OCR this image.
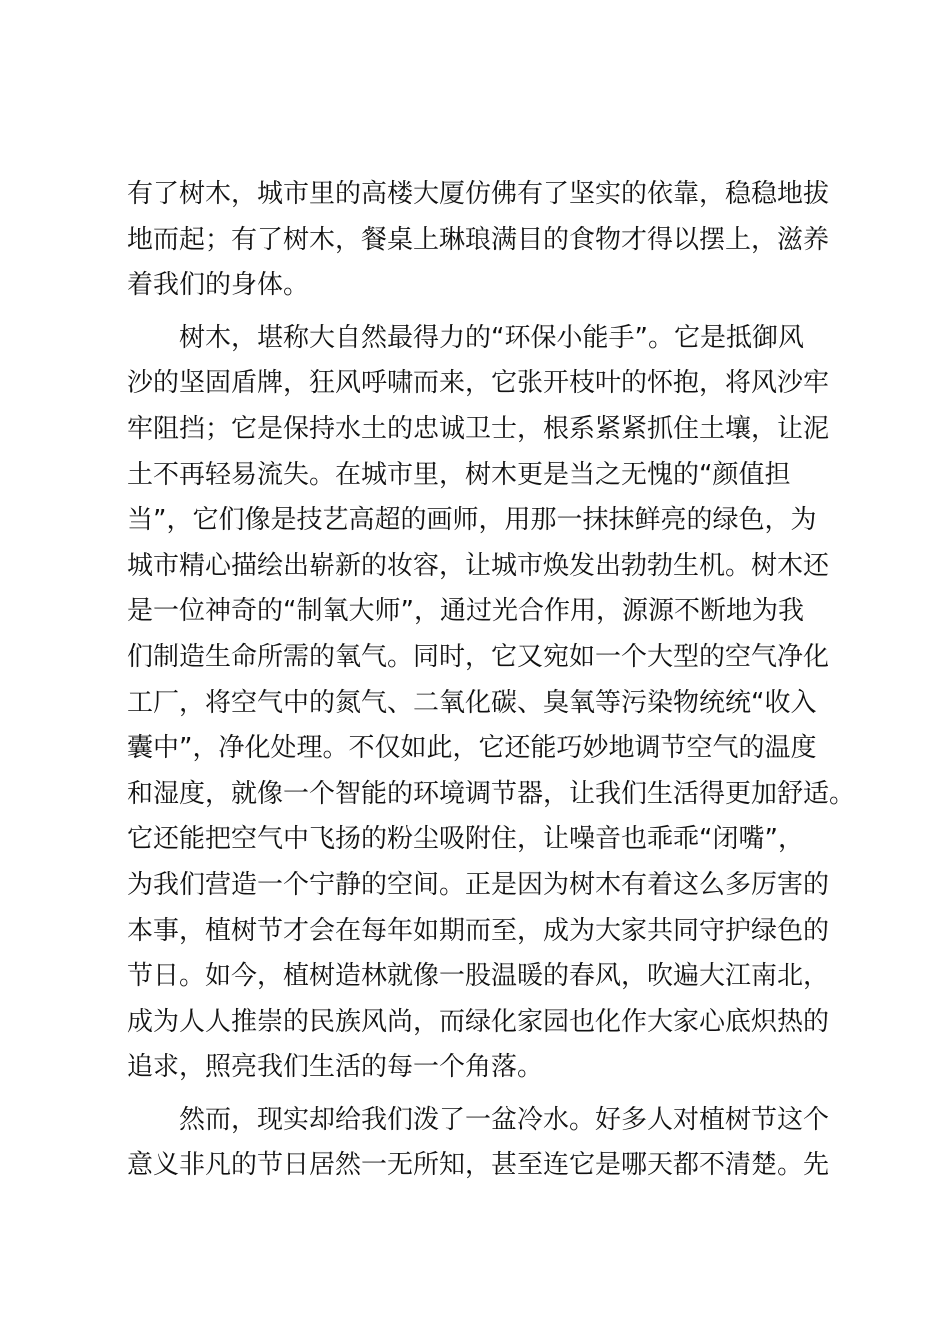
有了树木，城市里的高楼大厦仿佛有了坚实的依靠，稳稳地拔
地而起；有了树木，餐桌上琳琅满目的食物才得以摆上，滋养
着我们的身体。
　　树木，堪称大自然最得力的“环保小能手”。它是抵御风
沙的坚固盾牌，狂风呼啸而来，它张开枝叶的怀抱，将风沙牢
牢阻挡；它是保持水土的忠诚卫士，根系紧紧抓住土壤，让泥
土不再轻易流失。在城市里，树木更是当之无愧的“颜值担
当”，它们像是技艺高超的画师，用那一抹抹鲜亮的绿色，为
城市精心描绘出崭新的妆容，让城市焕发出勃勃生机。树木还
是一位神奇的“制氧大师”，通过光合作用，源源不断地为我
们制造生命所需的氧气。同时，它又宛如一个大型的空气净化
工厂，将空气中的氮气、二氧化碳、臭氧等污染物统统“收入
囊中”，净化处理。不仅如此，它还能巧妙地调节空气的温度
和湿度，就像一个智能的环境调节器，让我们生活得更加舒适。
它还能把空气中飞扬的粉尘吸附住，让噪音也乖乖“闭嘴”，
为我们营造一个宁静的空间。正是因为树木有着这么多厉害的
本事，植树节才会在每年如期而至，成为大家共同守护绿色的
节日。如今，植树造林就像一股温暖的春风，吹遍大江南北，
成为人人推崇的民族风尚，而绿化家园也化作大家心底炽热的
追求，照亮我们生活的每一个角落。
　　然而，现实却给我们泼了一盆冷水。好多人对植树节这个
意义非凡的节日居然一无所知，甚至连它是哪天都不清楚。先
